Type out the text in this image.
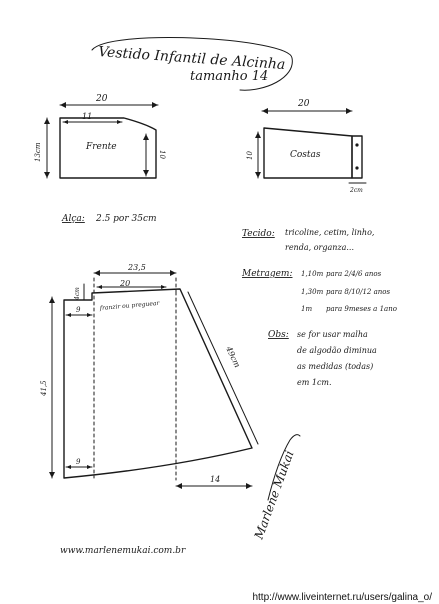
Vestido Infantil de Alcinha
tamanho 14
20
11
Frente
13cm	10
20
Costas
10
2cm
Alça: 2.5 por 35cm
Tecido: tricoline, cetim, linho,
renda, organza...
Metragem: 1,10m para 2/4/6 anos
1,30m para 8/10/12 anos
1m para 9meses a 1ano
Obs: se for usar malha
de algodão diminua
as medidas (todas)
em 1cm.
23,5
20
4cm
9	franzir ou preguear
41,5
9
49cm
14	Marlene Mukai
www.marlenemukai.com.br
http://www.liveinternet.ru/users/galina_o/
